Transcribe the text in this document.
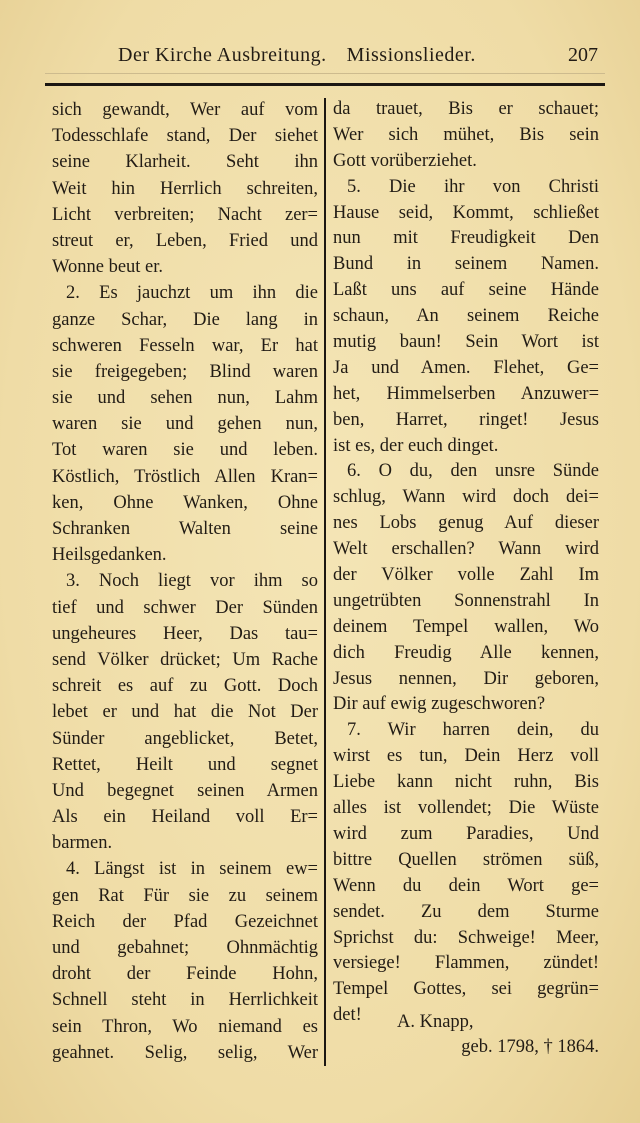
Der Kirche Ausbreitung. Missionslieder.	207
sich gewandt, Wer auf vom
Todesschlafe stand, Der siehet
seine Klarheit. Seht ihn
Weit hin Herrlich schreiten,
Licht verbreiten; Nacht zer=
streut er, Leben, Fried und
Wonne beut er.
2. Es jauchzt um ihn die
ganze Schar, Die lang in
schweren Fesseln war, Er hat
sie freigegeben; Blind waren
sie und sehen nun, Lahm
waren sie und gehen nun,
Tot waren sie und leben.
Köstlich, Tröstlich Allen Kran=
ken, Ohne Wanken, Ohne
Schranken Walten seine
Heilsgedanken.
3. Noch liegt vor ihm so
tief und schwer Der Sünden
ungeheures Heer, Das tau=
send Völker drücket; Um Rache
schreit es auf zu Gott. Doch
lebet er und hat die Not Der
Sünder angeblicket, Betet,
Rettet, Heilt und segnet
Und begegnet seinen Armen
Als ein Heiland voll Er=
barmen.
4. Längst ist in seinem ew=
gen Rat Für sie zu seinem
Reich der Pfad Gezeichnet
und gebahnet; Ohnmächtig
droht der Feinde Hohn,
Schnell steht in Herrlichkeit
sein Thron, Wo niemand es
geahnet. Selig, selig, Wer
da trauet, Bis er schauet;
Wer sich mühet, Bis sein
Gott vorüberziehet.
5. Die ihr von Christi
Hause seid, Kommt, schließet
nun mit Freudigkeit Den
Bund in seinem Namen.
Laßt uns auf seine Hände
schaun, An seinem Reiche
mutig baun! Sein Wort ist
Ja und Amen. Flehet, Ge=
het, Himmelserben Anzuwer=
ben, Harret, ringet! Jesus
ist es, der euch dinget.
6. O du, den unsre Sünde
schlug, Wann wird doch dei=
nes Lobs genug Auf dieser
Welt erschallen? Wann wird
der Völker volle Zahl Im
ungetrübten Sonnenstrahl In
deinem Tempel wallen, Wo
dich Freudig Alle kennen,
Jesus nennen, Dir geboren,
Dir auf ewig zugeschworen?
7. Wir harren dein, du
wirst es tun, Dein Herz voll
Liebe kann nicht ruhn, Bis
alles ist vollendet; Die Wüste
wird zum Paradies, Und
bittre Quellen strömen süß,
Wenn du dein Wort ge=
sendet. Zu dem Sturme
Sprichst du: Schweige! Meer,
versiege! Flammen, zündet!
Tempel Gottes, sei gegrün=
det!	A. Knapp,
geb. 1798, † 1864.
